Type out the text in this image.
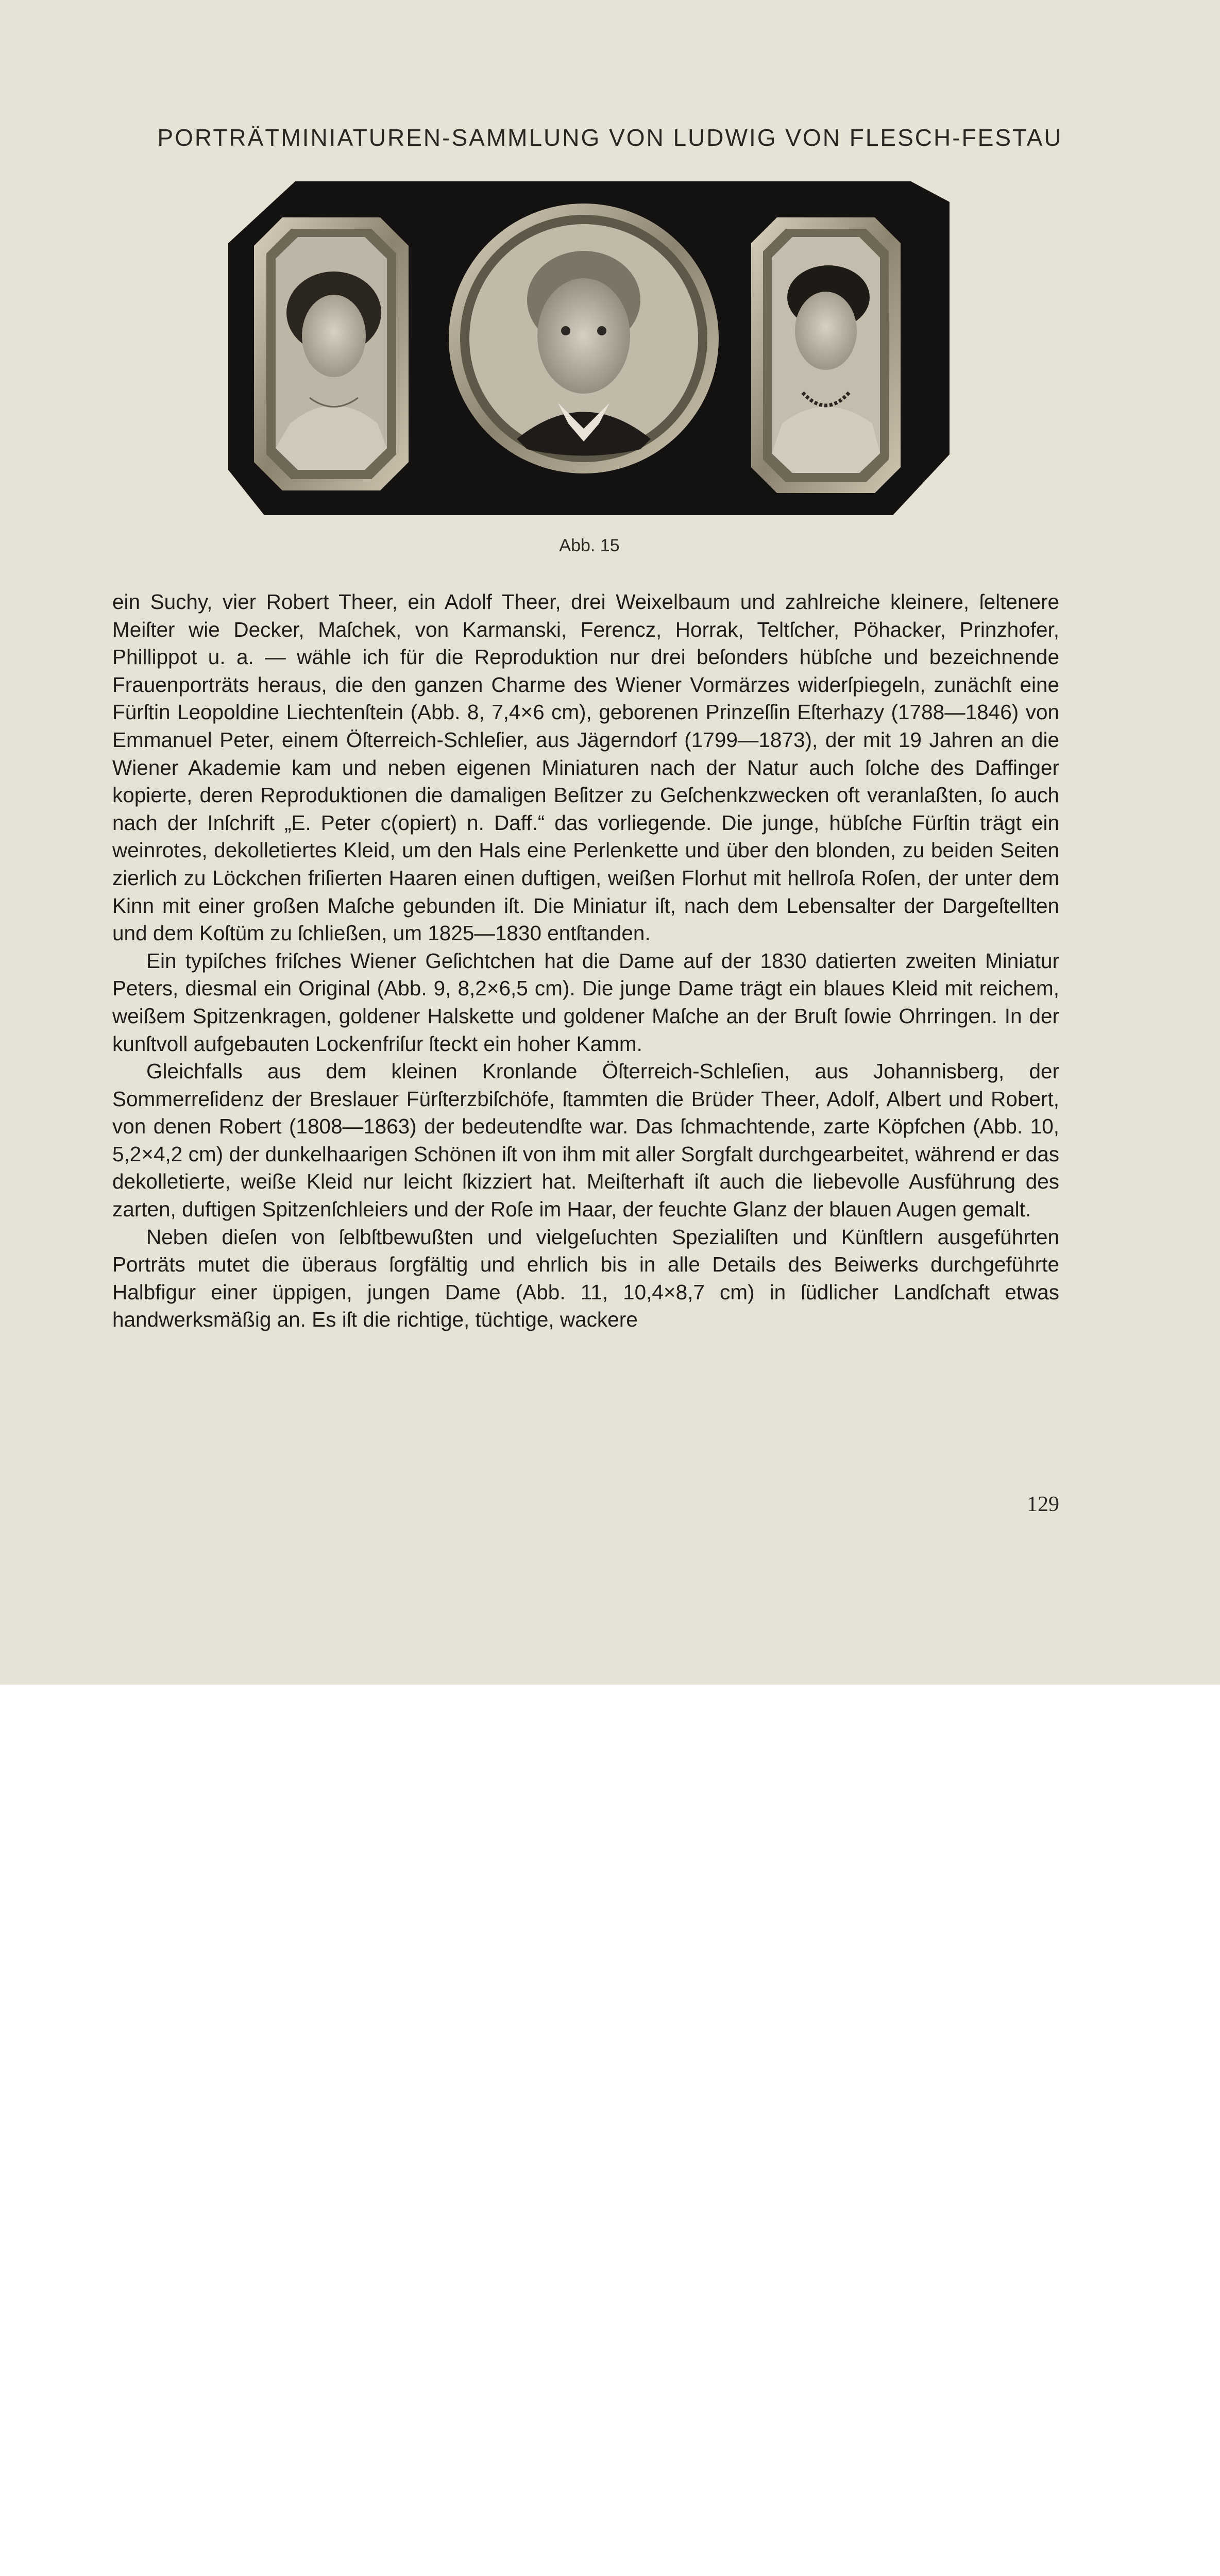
PORTRÄTMINIATUREN-SAMMLUNG VON LUDWIG VON FLESCH-FESTAU
Abb. 15

ein Suchy, vier Robert Theer, ein Adolf Theer, drei Weixelbaum und zahlreiche kleinere, ſeltenere Meiſter wie Decker, Maſchek, von Karmanski, Ferencz, Horrak, Teltſcher, Pöhacker, Prinzhofer, Phillippot u. a. — wähle ich für die Reproduktion nur drei beſonders hübſche und bezeichnende Frauenporträts heraus, die den ganzen Charme des Wiener Vormärzes widerſpiegeln, zunächſt eine Fürſtin Leopoldine Liechtenſtein (Abb. 8, 7,4×6 cm), geborenen Prinzeſſin Eſterhazy (1788—1846) von Emmanuel Peter, einem Öſterreich-Schleſier, aus Jägerndorf (1799—1873), der mit 19 Jahren an die Wiener Akademie kam und neben eigenen Miniaturen nach der Natur auch ſolche des Daffinger kopierte, deren Reproduktionen die damaligen Beſitzer zu Geſchenkzwecken oft veranlaßten, ſo auch nach der Inſchrift „E. Peter c(opiert) n. Daff.“ das vorliegende. Die junge, hübſche Fürſtin trägt ein weinrotes, dekolletiertes Kleid, um den Hals eine Perlenkette und über den blonden, zu beiden Seiten zierlich zu Löckchen friſierten Haaren einen duftigen, weißen Florhut mit hellroſa Roſen, der unter dem Kinn mit einer großen Maſche gebunden iſt. Die Miniatur iſt, nach dem Lebensalter der Dargeſtellten und dem Koſtüm zu ſchließen, um 1825—1830 entſtanden.

Ein typiſches friſches Wiener Geſichtchen hat die Dame auf der 1830 datierten zweiten Miniatur Peters, diesmal ein Original (Abb. 9, 8,2×6,5 cm). Die junge Dame trägt ein blaues Kleid mit reichem, weißem Spitzenkragen, goldener Halskette und goldener Maſche an der Bruſt ſowie Ohrringen. In der kunſtvoll aufgebauten Lockenfriſur ſteckt ein hoher Kamm.

Gleichfalls aus dem kleinen Kronlande Öſterreich-Schleſien, aus Johannisberg, der Sommerreſidenz der Breslauer Fürſterzbiſchöfe, ſtammten die Brüder Theer, Adolf, Albert und Robert, von denen Robert (1808—1863) der bedeutendſte war. Das ſchmachtende, zarte Köpfchen (Abb. 10, 5,2×4,2 cm) der dunkelhaarigen Schönen iſt von ihm mit aller Sorgfalt durchgearbeitet, während er das dekolletierte, weiße Kleid nur leicht ſkizziert hat. Meiſterhaft iſt auch die liebevolle Ausführung des zarten, duftigen Spitzenſchleiers und der Roſe im Haar, der feuchte Glanz der blauen Augen gemalt.

Neben dieſen von ſelbſtbewußten und vielgeſuchten Spezialiſten und Künſtlern ausgeführten Porträts mutet die überaus ſorgfältig und ehrlich bis in alle Details des Beiwerks durchgeführte Halbfigur einer üppigen, jungen Dame (Abb. 11, 10,4×8,7 cm) in ſüdlicher Landſchaft etwas handwerksmäßig an. Es iſt die richtige, tüchtige, wackere

129
